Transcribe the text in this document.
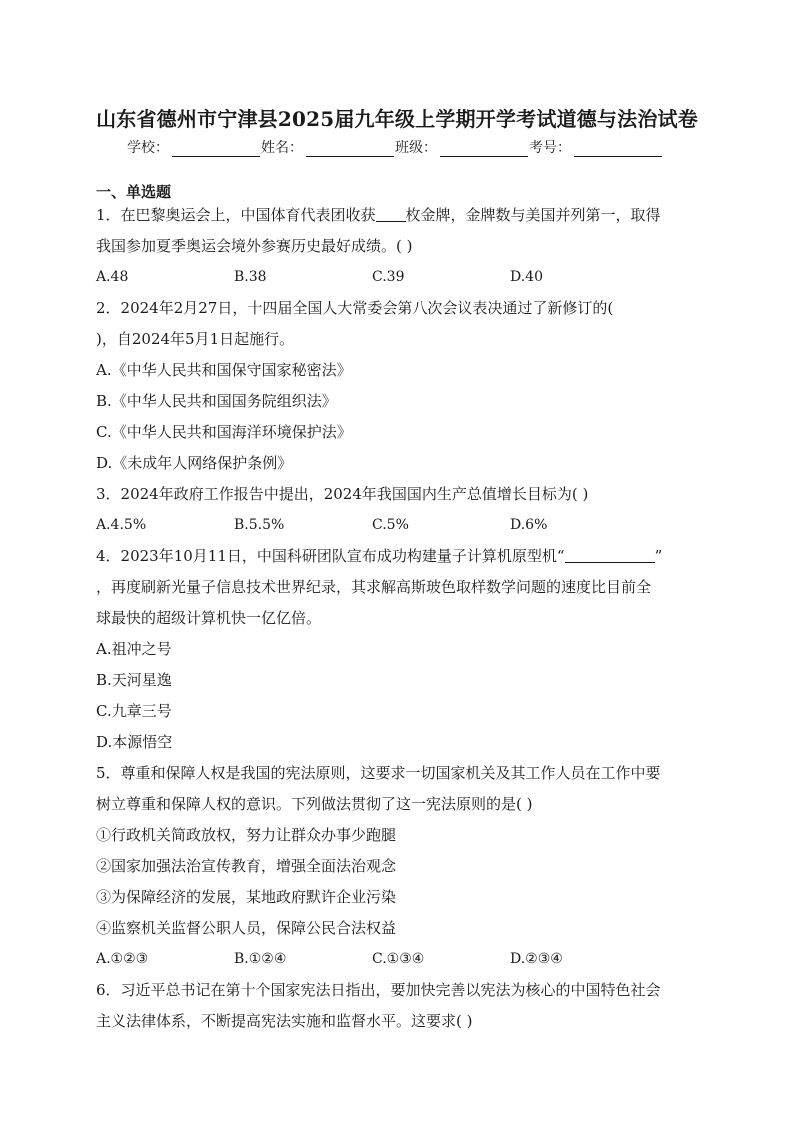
山东省德州市宁津县2025届九年级上学期开学考试道德与法治试卷
学校：	姓名：	班级：	考号：
一、单选题
1．在巴黎奥运会上，中国体育代表团收获 枚金牌，金牌数与美国并列第一，取得
我国参加夏季奥运会境外参赛历史最好成绩。( )
A.48	B.38	C.39	D.40
2．2024年2月27日，十四届全国人大常委会第八次会议表决通过了新修订的(
)，自2024年5月1日起施行。
A.《中华人民共和国保守国家秘密法》
B.《中华人民共和国国务院组织法》
C.《中华人民共和国海洋环境保护法》
D.《未成年人网络保护条例》
3．2024年政府工作报告中提出，2024年我国国内生产总值增长目标为( )
A.4.5%	B.5.5%	C.5%	D.6%
4．2023年10月11日，中国科研团队宣布成功构建量子计算机原型机“	”
，再度刷新光量子信息技术世界纪录，其求解高斯玻色取样数学问题的速度比目前全
球最快的超级计算机快一亿亿倍。
A.祖冲之号
B.天河星逸
C.九章三号
D.本源悟空
5．尊重和保障人权是我国的宪法原则，这要求一切国家机关及其工作人员在工作中要
树立尊重和保障人权的意识。下列做法贯彻了这一宪法原则的是( )
①行政机关简政放权，努力让群众办事少跑腿
②国家加强法治宣传教育，增强全面法治观念
③为保障经济的发展，某地政府默许企业污染
④监察机关监督公职人员，保障公民合法权益
A.①②③	B.①②④	C.①③④	D.②③④
6．习近平总书记在第十个国家宪法日指出，要加快完善以宪法为核心的中国特色社会
主义法律体系，不断提高宪法实施和监督水平。这要求( )
